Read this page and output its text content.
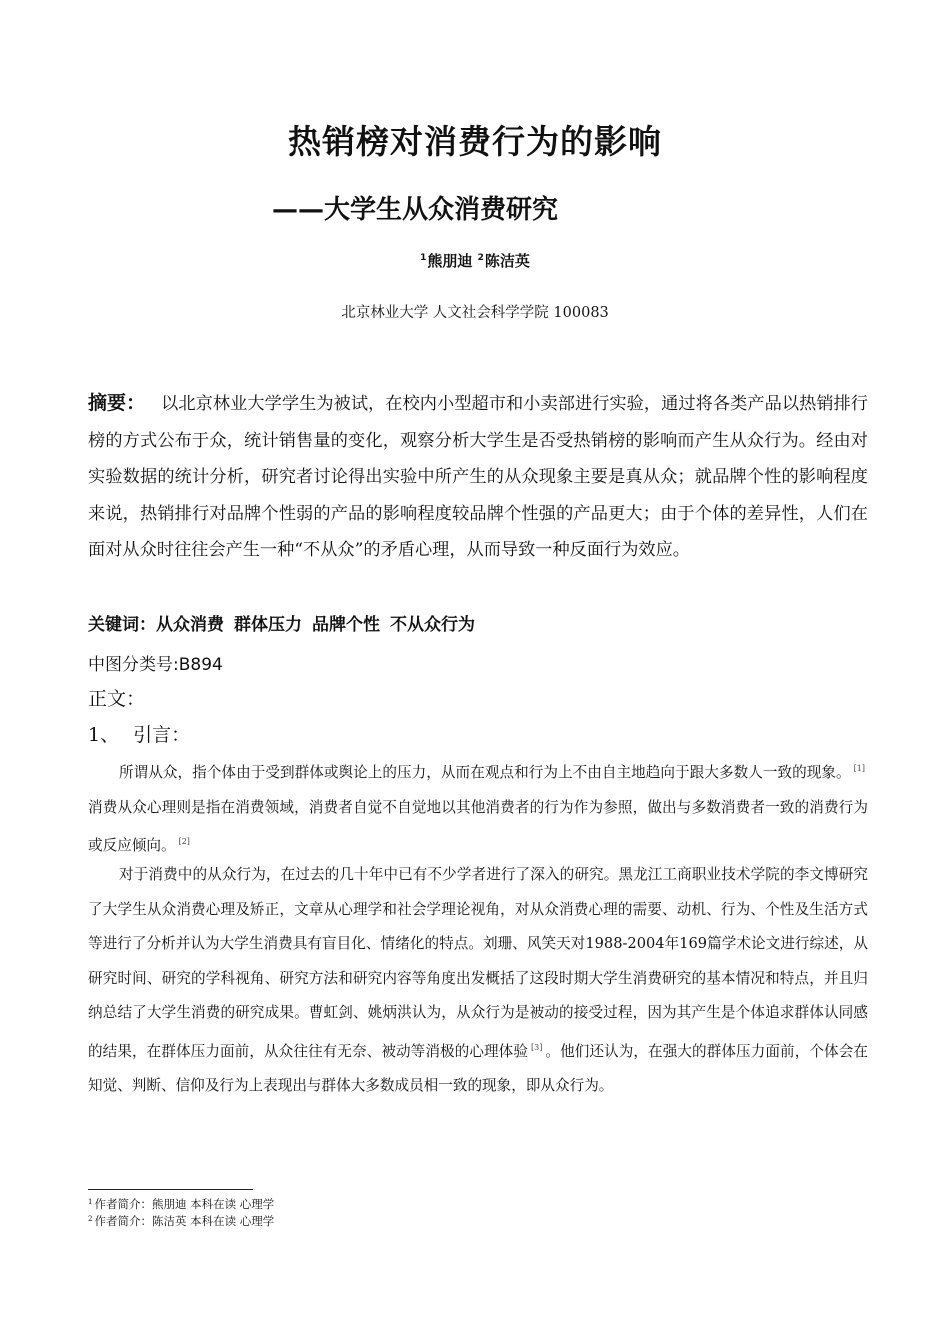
热销榜对消费行为的影响
——大学生从众消费研究
$^1$熊朋迪 $^2$陈洁英
北京林业大学 人文社会科学学院 100083

摘要： 以北京林业大学学生为被试，在校内小型超市和小卖部进行实验，通过将各类产品以热销排行榜的方式公布于众，统计销售量的变化，观察分析大学生是否受热销榜的影响而产生从众行为。经由对实验数据的统计分析，研究者讨论得出实验中所产生的从众现象主要是真从众；就品牌个性的影响程度来说，热销排行对品牌个性弱的产品的影响程度较品牌个性强的产品更大；由于个体的差异性，人们在面对从众时往往会产生一种“不从众”的矛盾心理，从而导致一种反面行为效应。

关键词：从众消费 群体压力 品牌个性 不从众行为
中图分类号:B894
正文：
1、 引言：

所谓从众，指个体由于受到群体或舆论上的压力，从而在观点和行为上不由自主地趋向于跟大多数人一致的现象。 [1]消费从众心理则是指在消费领域，消费者自觉不自觉地以其他消费者的行为作为参照，做出与多数消费者一致的消费行为或反应倾向。 [2]

对于消费中的从众行为，在过去的几十年中已有不少学者进行了深入的研究。黑龙江工商职业技术学院的李文博研究了大学生从众消费心理及矫正，文章从心理学和社会学理论视角，对从众消费心理的需要、动机、行为、个性及生活方式等进行了分析并认为大学生消费具有盲目化、情绪化的特点。刘珊、风笑天对1988-2004年169篇学术论文进行综述，从研究时间、研究的学科视角、研究方法和研究内容等角度出发概括了这段时期大学生消费研究的基本情况和特点，并且归纳总结了大学生消费的研究成果。曹虹剑、姚炳洪认为，从众行为是被动的接受过程，因为其产生是个体追求群体认同感的结果，在群体压力面前，从众往往有无奈、被动等消极的心理体验 [3] 。他们还认为，在强大的群体压力面前，个体会在知觉、判断、信仰及行为上表现出与群体大多数成员相一致的现象，即从众行为。

$^1$ 作者简介：熊朋迪 本科在读 心理学
$^2$ 作者简介：陈洁英 本科在读 心理学
